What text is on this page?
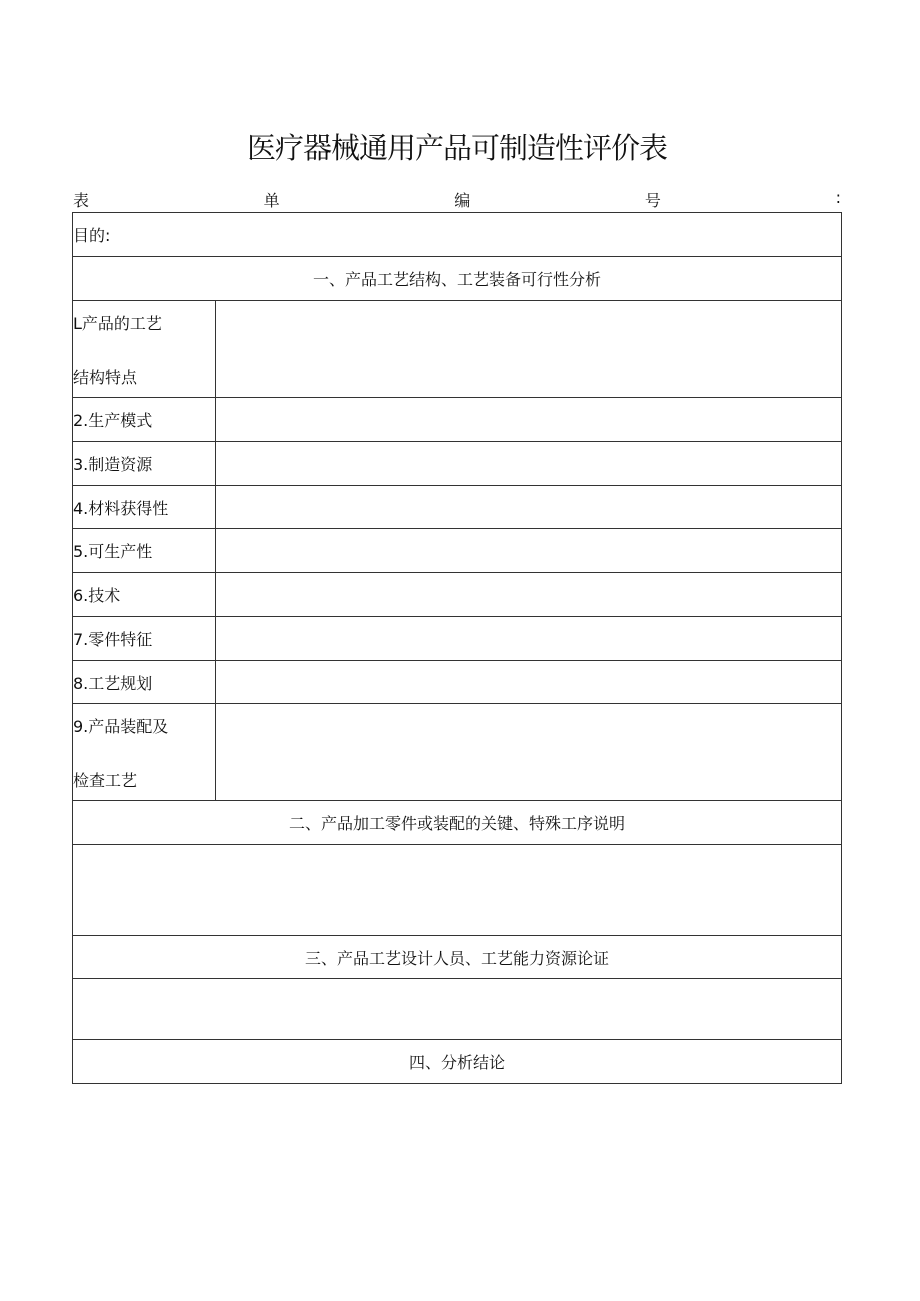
医疗器械通用产品可制造性评价表
表	单	编	号	:
目的:	
一、产品工艺结构、工艺装备可行性分析	

L产品的工艺
结构特点	

2.生产模式	
3.制造资源	
4.材料获得性	
5.可生产性	
6.技术	
7.零件特征	
8.工艺规划	

9.产品装配及
检查工艺	

二、产品加工零件或装配的关键、特殊工序说明	

三、产品工艺设计人员、工艺能力资源论证	

四、分析结论	
